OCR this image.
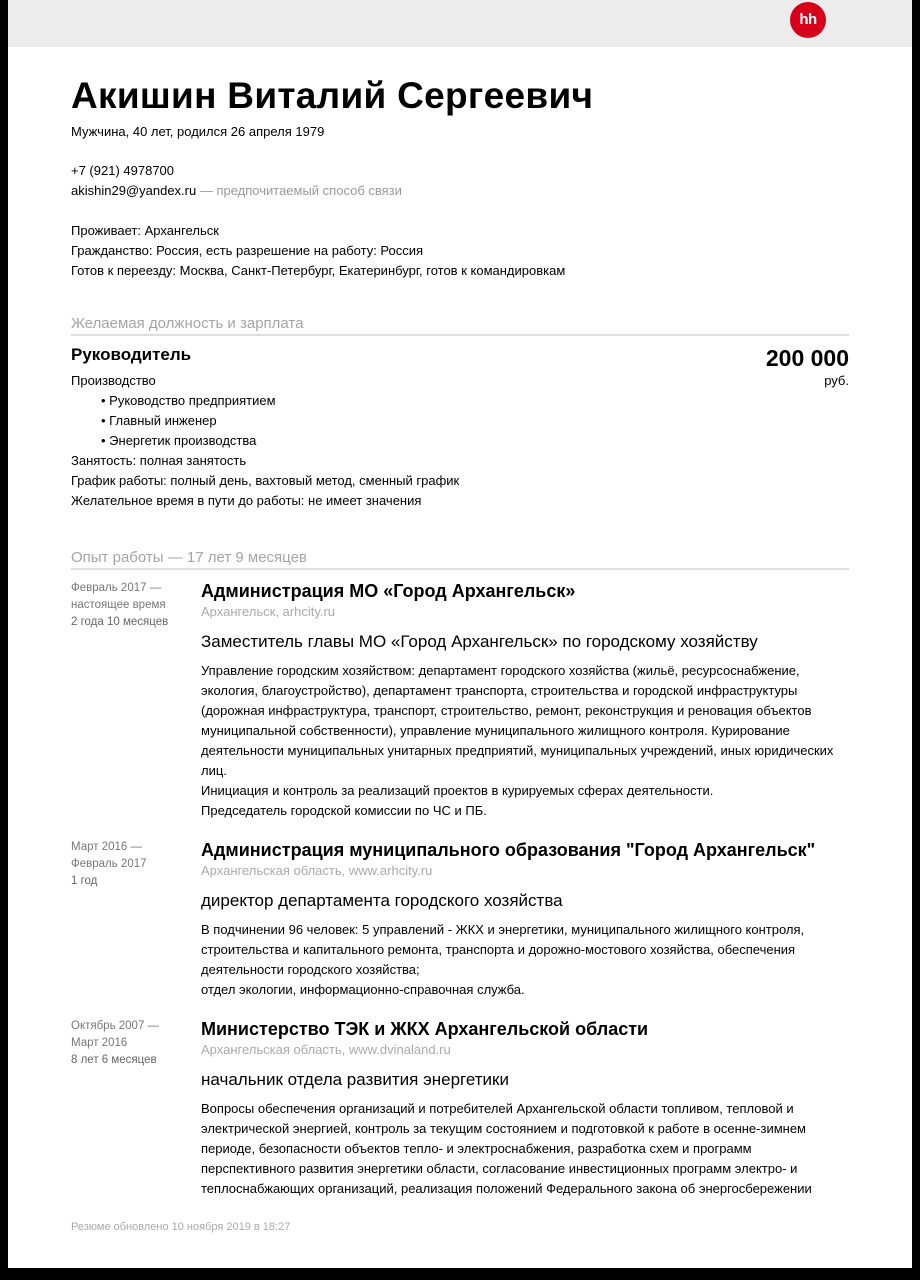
hh
Акишин Виталий Сергеевич
Мужчина, 40 лет, родился 26 апреля 1979
+7 (921) 4978700
akishin29@yandex.ru — предпочитаемый способ связи
Проживает: Архангельск
Гражданство: Россия, есть разрешение на работу: Россия
Готов к переезду: Москва, Санкт-Петербург, Екатеринбург, готов к командировкам
Желаемая должность и зарплата
Руководитель	200 000
руб.
Производство
• Руководство предприятием
• Главный инженер
• Энергетик производства
Занятость: полная занятость
График работы: полный день, вахтовый метод, сменный график
Желательное время в пути до работы: не имеет значения
Опыт работы — 17 лет 9 месяцев
Февраль 2017 —
настоящее время
2 года 10 месяцев
Администрация МО «Город Архангельск»
Архангельск, arhcity.ru
Заместитель главы МО «Город Архангельск» по городскому хозяйству

Управление городским хозяйством: департамент городского хозяйства (жильё, ресурсоснабжение, экология, благоустройство), департамент транспорта, строительства и городской инфраструктуры (дорожная инфраструктура, транспорт, строительство, ремонт, реконструкция и реновация объектов муниципальной собственности), управление муниципального жилищного контроля. Курирование деятельности муниципальных унитарных предприятий, муниципальных учреждений, иных юридических лиц.

Инициация и контроль за реализаций проектов в курируемых сферах деятельности.

Председатель городской комиссии по ЧС и ПБ.

Март 2016 —
Февраль 2017
1 год
Администрация муниципального образования "Город Архангельск"
Архангельская область, www.arhcity.ru
директор департамента городского хозяйства

В подчинении 96 человек: 5 управлений - ЖКХ и энергетики, муниципального жилищного контроля, строительства и капитального ремонта, транспорта и дорожно-мостового хозяйства, обеспечения деятельности городского хозяйства;

отдел экологии, информационно-справочная служба.

Октябрь 2007 —
Март 2016
8 лет 6 месяцев
Министерство ТЭК и ЖКХ Архангельской области
Архангельская область, www.dvinaland.ru
начальник отдела развития энергетики

Вопросы обеспечения организаций и потребителей Архангельской области топливом, тепловой и электрической энергией, контроль за текущим состоянием и подготовкой к работе в осенне-зимнем периоде, безопасности объектов тепло- и электроснабжения, разработка схем и программ перспективного развития энергетики области, согласование инвестиционных программ электро- и теплоснабжающих организаций, реализация положений Федерального закона об энергосбережении

Резюме обновлено 10 ноября 2019 в 18:27
